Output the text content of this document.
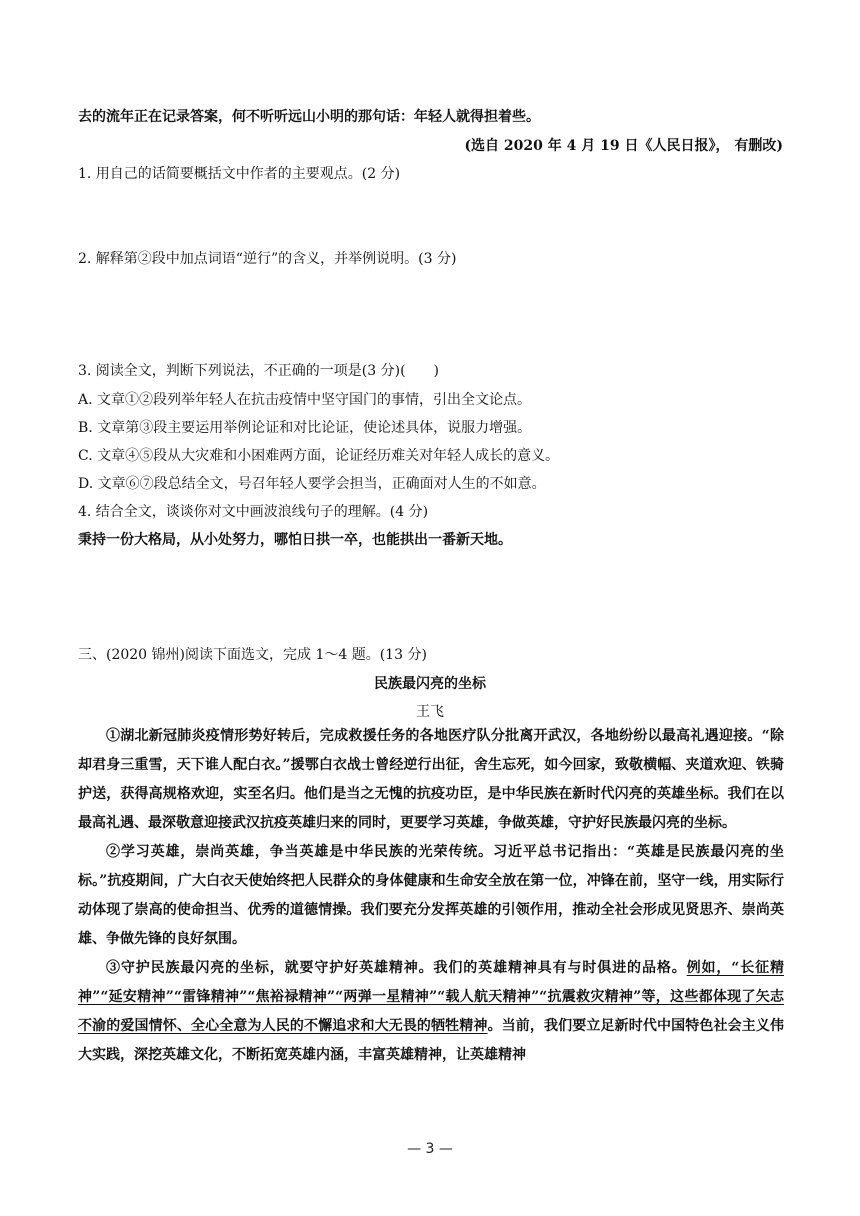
去的流年正在记录答案，何不听听远山小明的那句话：年轻人就得担着些。
(选自 2020 年 4 月 19 日《人民日报》， 有删改)
1. 用自己的话简要概括文中作者的主要观点。(2 分)
2. 解释第②段中加点词语“逆行”的含义，并举例说明。(3 分)
3. 阅读全文，判断下列说法，不正确的一项是(3 分)(　　)
A. 文章①②段列举年轻人在抗击疫情中坚守国门的事情，引出全文论点。
B. 文章第③段主要运用举例论证和对比论证，使论述具体，说服力增强。
C. 文章④⑤段从大灾难和小困难两方面，论证经历难关对年轻人成长的意义。
D. 文章⑥⑦段总结全文，号召年轻人要学会担当，正确面对人生的不如意。
4. 结合全文，谈谈你对文中画波浪线句子的理解。(4 分)
秉持一份大格局，从小处努力，哪怕日拱一卒，也能拱出一番新天地。
三、(2020 锦州)阅读下面选文，完成 1～4 题。(13 分)
民族最闪亮的坐标
王飞

①湖北新冠肺炎疫情形势好转后，完成救援任务的各地医疗队分批离开武汉，各地纷纷以最高礼遇迎接。“除却君身三重雪，天下谁人配白衣。”援鄂白衣战士曾经逆行出征，舍生忘死，如今回家，致敬横幅、夹道欢迎、铁骑护送，获得高规格欢迎，实至名归。他们是当之无愧的抗疫功臣，是中华民族在新时代闪亮的英雄坐标。我们在以最高礼遇、最深敬意迎接武汉抗疫英雄归来的同时，更要学习英雄，争做英雄，守护好民族最闪亮的坐标。

②学习英雄，崇尚英雄，争当英雄是中华民族的光荣传统。习近平总书记指出：“英雄是民族最闪亮的坐标。”抗疫期间，广大白衣天使始终把人民群众的身体健康和生命安全放在第一位，冲锋在前，坚守一线，用实际行动体现了崇高的使命担当、优秀的道德情操。我们要充分发挥英雄的引领作用，推动全社会形成见贤思齐、崇尚英雄、争做先锋的良好氛围。

③守护民族最闪亮的坐标，就要守护好英雄精神。我们的英雄精神具有与时俱进的品格。例如，“长征精神”“延安精神”“雷锋精神”“焦裕禄精神”“两弹一星精神”“载人航天精神”“抗震救灾精神”等，这些都体现了矢志不渝的爱国情怀、全心全意为人民的不懈追求和大无畏的牺牲精神。当前，我们要立足新时代中国特色社会主义伟大实践，深挖英雄文化，不断拓宽英雄内涵，丰富英雄精神，让英雄精神

— 3 —
